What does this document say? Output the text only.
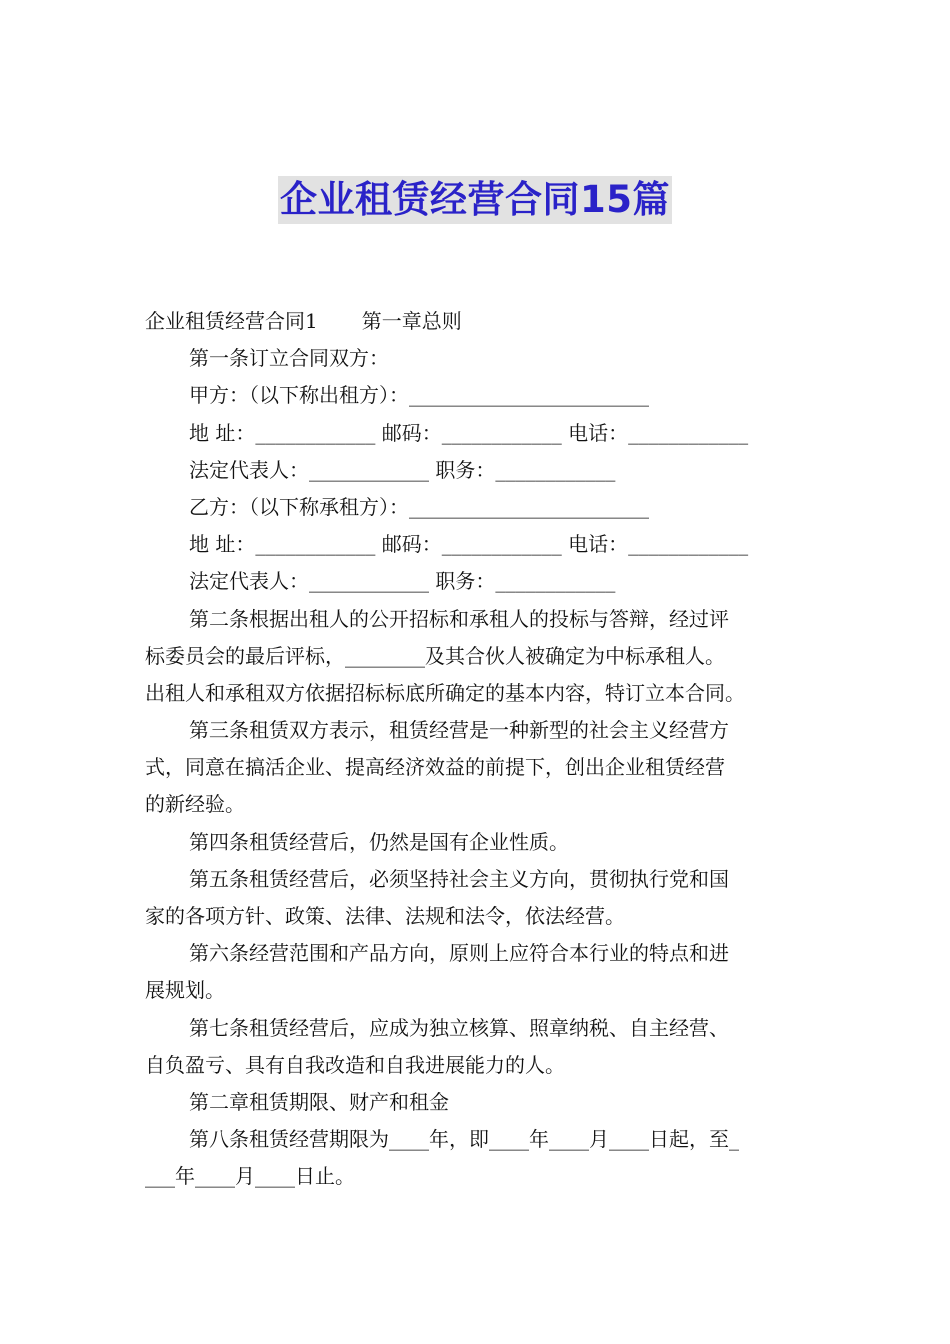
企业租赁经营合同15篇
企业租赁经营合同1 第一章总则
第一条订立合同双方：
甲方：（以下称出租方）：________________________
地 址：____________ 邮码：____________ 电话：____________
法定代表人：____________ 职务：____________
乙方：（以下称承租方）：________________________
地 址：____________ 邮码：____________ 电话：____________
法定代表人：____________ 职务：____________
第二条根据出租人的公开招标和承租人的投标与答辩，经过评
标委员会的最后评标，________及其合伙人被确定为中标承租人。
出租人和承租双方依据招标标底所确定的基本内容，特订立本合同。
第三条租赁双方表示，租赁经营是一种新型的社会主义经营方
式，同意在搞活企业、提高经济效益的前提下，创出企业租赁经营
的新经验。
第四条租赁经营后，仍然是国有企业性质。
第五条租赁经营后，必须坚持社会主义方向，贯彻执行党和国
家的各项方针、政策、法律、法规和法令，依法经营。
第六条经营范围和产品方向，原则上应符合本行业的特点和进
展规划。
第七条租赁经营后，应成为独立核算、照章纳税、自主经营、
自负盈亏、具有自我改造和自我进展能力的人。
第二章租赁期限、财产和租金
第八条租赁经营期限为____年，即____年____月____日起，至_
___年____月____日止。
